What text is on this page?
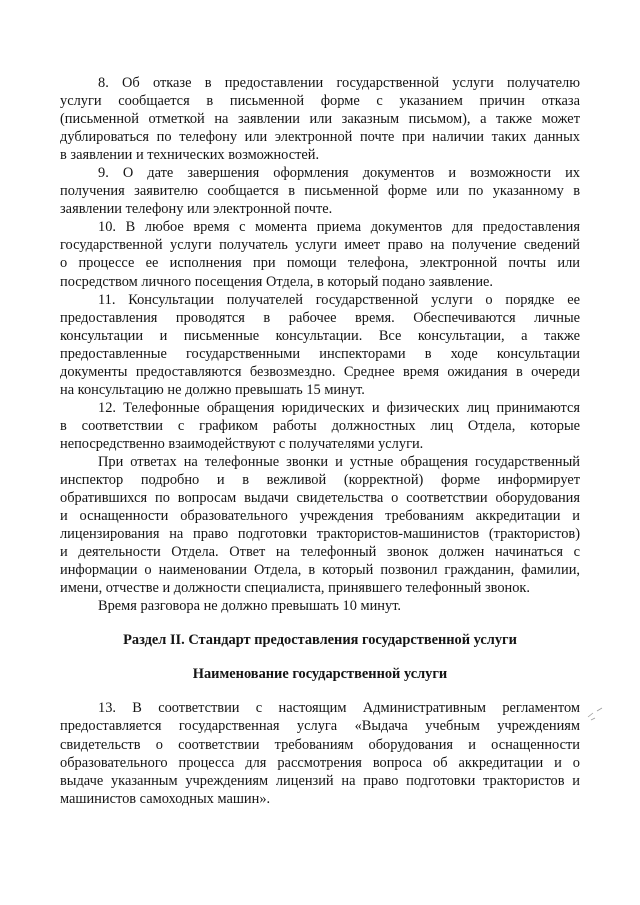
8. Об отказе в предоставлении государственной услуги получателю
услуги сообщается в письменной форме с указанием причин отказа
(письменной отметкой на заявлении или заказным письмом), а также может
дублироваться по телефону или электронной почте при наличии таких данных
в заявлении и технических возможностей.
9. О дате завершения оформления документов и возможности их
получения заявителю сообщается в письменной форме или по указанному в
заявлении телефону или электронной почте.
10. В любое время с момента приема документов для предоставления
государственной услуги получатель услуги имеет право на получение сведений
о процессе ее исполнения при помощи телефона, электронной почты или
посредством личного посещения Отдела, в который подано заявление.
11. Консультации получателей государственной услуги о порядке ее
предоставления проводятся в рабочее время. Обеспечиваются личные
консультации и письменные консультации. Все консультации, а также
предоставленные государственными инспекторами в ходе консультации
документы предоставляются безвозмездно. Среднее время ожидания в очереди
на консультацию не должно превышать 15 минут.
12. Телефонные обращения юридических и физических лиц принимаются
в соответствии с графиком работы должностных лиц Отдела, которые
непосредственно взаимодействуют с получателями услуги.
При ответах на телефонные звонки и устные обращения государственный
инспектор подробно и в вежливой (корректной) форме информирует
обратившихся по вопросам выдачи свидетельства о соответствии оборудования
и оснащенности образовательного учреждения требованиям аккредитации и
лицензирования на право подготовки трактористов-машинистов (трактористов)
и деятельности Отдела. Ответ на телефонный звонок должен начинаться с
информации о наименовании Отдела, в который позвонил гражданин, фамилии,
имени, отчестве и должности специалиста, принявшего телефонный звонок.
Время разговора не должно превышать 10 минут.
Раздел II. Стандарт предоставления государственной услуги
Наименование государственной услуги
13. В соответствии с настоящим Административным регламентом
предоставляется государственная услуга «Выдача учебным учреждениям
свидетельств о соответствии требованиям оборудования и оснащенности
образовательного процесса для рассмотрения вопроса об аккредитации и о
выдаче указанным учреждениям лицензий на право подготовки трактористов и
машинистов самоходных машин».
